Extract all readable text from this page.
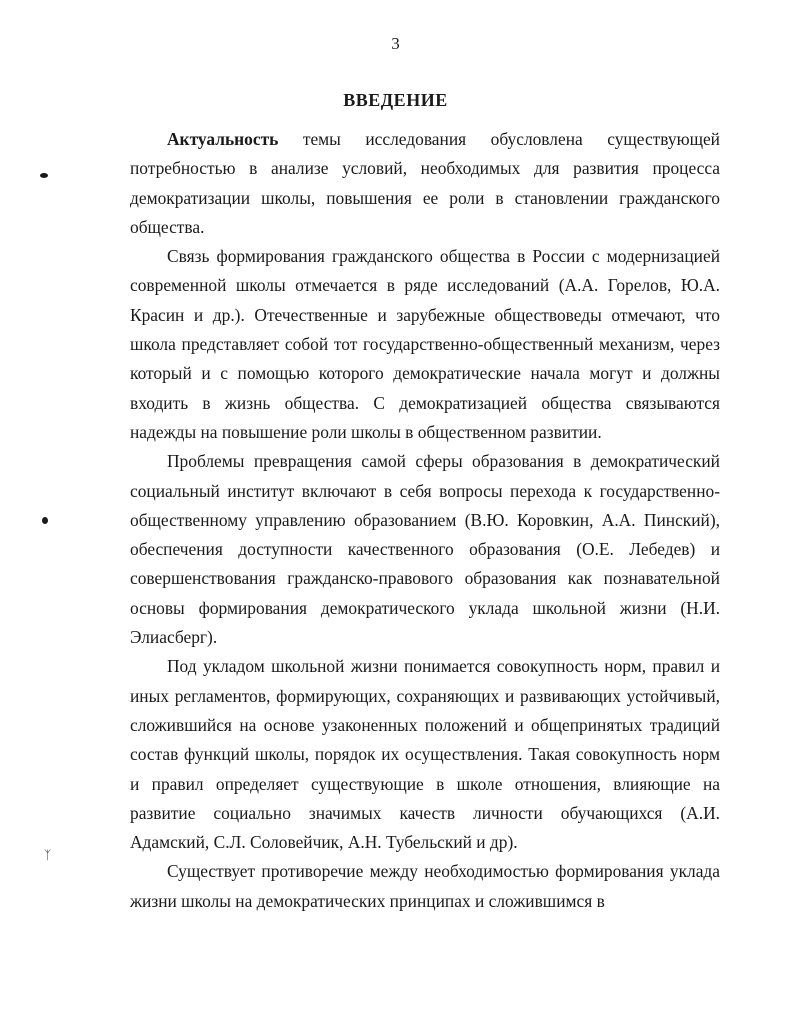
3
ВВЕДЕНИЕ

Актуальность темы исследования обусловлена существующей потребностью в анализе условий, необходимых для развития процесса демократизации школы, повышения ее роли в становлении гражданского общества.

Связь формирования гражданского общества в России с модернизацией современной школы отмечается в ряде исследований (А.А. Горелов, Ю.А. Красин и др.). Отечественные и зарубежные обществоведы отмечают, что школа представляет собой тот государственно-общественный механизм, через который и с помощью которого демократические начала могут и должны входить в жизнь общества. С демократизацией общества связываются надежды на повышение роли школы в общественном развитии.

Проблемы превращения самой сферы образования в демократический социальный институт включают в себя вопросы перехода к государственно-общественному управлению образованием (В.Ю. Коровкин, А.А. Пинский), обеспечения доступности качественного образования (О.Е. Лебедев) и совершенствования гражданско-правового образования как познавательной основы формирования демократического уклада школьной жизни (Н.И. Элиасберг).

Под укладом школьной жизни понимается совокупность норм, правил и иных регламентов, формирующих, сохраняющих и развивающих устойчивый, сложившийся на основе узаконенных положений и общепринятых традиций состав функций школы, порядок их осуществления. Такая совокупность норм и правил определяет существующие в школе отношения, влияющие на развитие социально значимых качеств личности обучающихся (А.И. Адамский, С.Л. Соловейчик, А.Н. Тубельский и др).

Существует противоречие между необходимостью формирования уклада жизни школы на демократических принципах и сложившимся в

ᛉ
